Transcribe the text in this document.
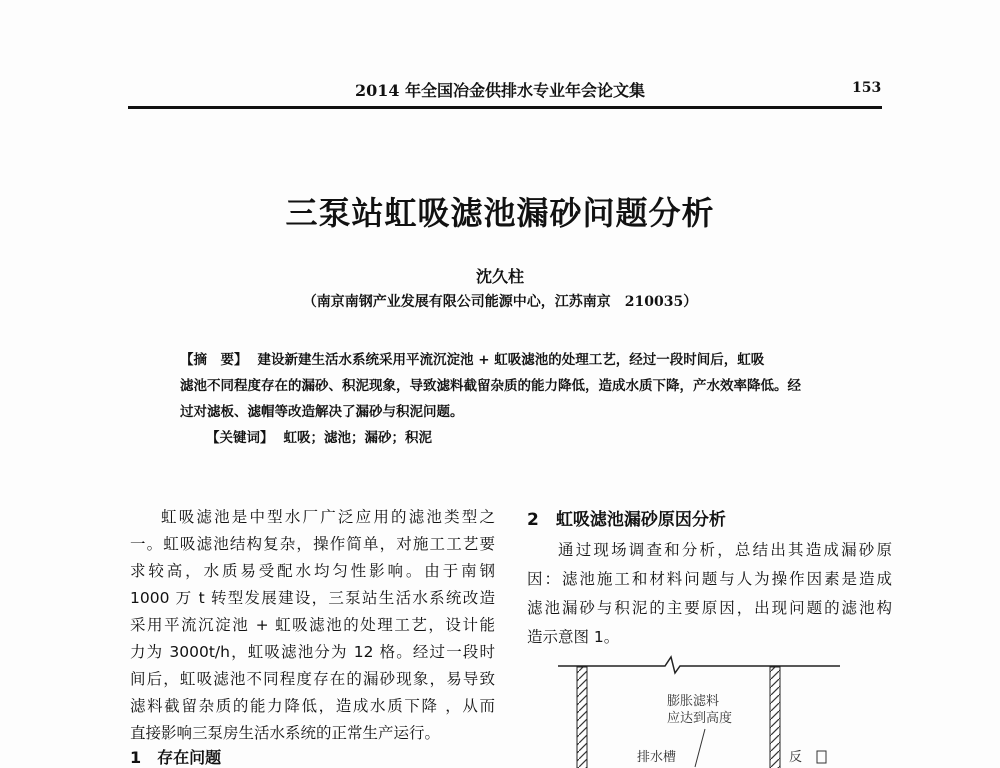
2014 年全国冶金供排水专业年会论文集	153
三泵站虹吸滤池漏砂问题分析
沈久柱
（南京南钢产业发展有限公司能源中心，江苏南京　210035）
【摘　要】 建设新建生活水系统采用平流沉淀池 + 虹吸滤池的处理工艺，经过一段时间后，虹吸
滤池不同程度存在的漏砂、积泥现象，导致滤料截留杂质的能力降低，造成水质下降，产水效率降低。经
过对滤板、滤帽等改造解决了漏砂与积泥问题。
【关键词】 虹吸；滤池；漏砂；积泥
虹吸滤池是中型水厂广泛应用的滤池类型之
一。虹吸滤池结构复杂，操作简单，对施工工艺要
求较高，水质易受配水均匀性影响。由于南钢
1000 万 t 转型发展建设，三泵站生活水系统改造
采用平流沉淀池 + 虹吸滤池的处理工艺，设计能
力为 3000t/h，虹吸滤池分为 12 格。经过一段时
间后，虹吸滤池不同程度存在的漏砂现象，易导致
滤料截留杂质的能力降低，造成水质下降 ，从而
直接影响三泵房生活水系统的正常生产运行。
1　存在问题
2　虹吸滤池漏砂原因分析
通过现场调查和分析，总结出其造成漏砂原
因：滤池施工和材料问题与人为操作因素是造成
滤池漏砂与积泥的主要原因，出现问题的滤池构
造示意图 1。
膨胀滤料
应达到高度
排水槽	反
